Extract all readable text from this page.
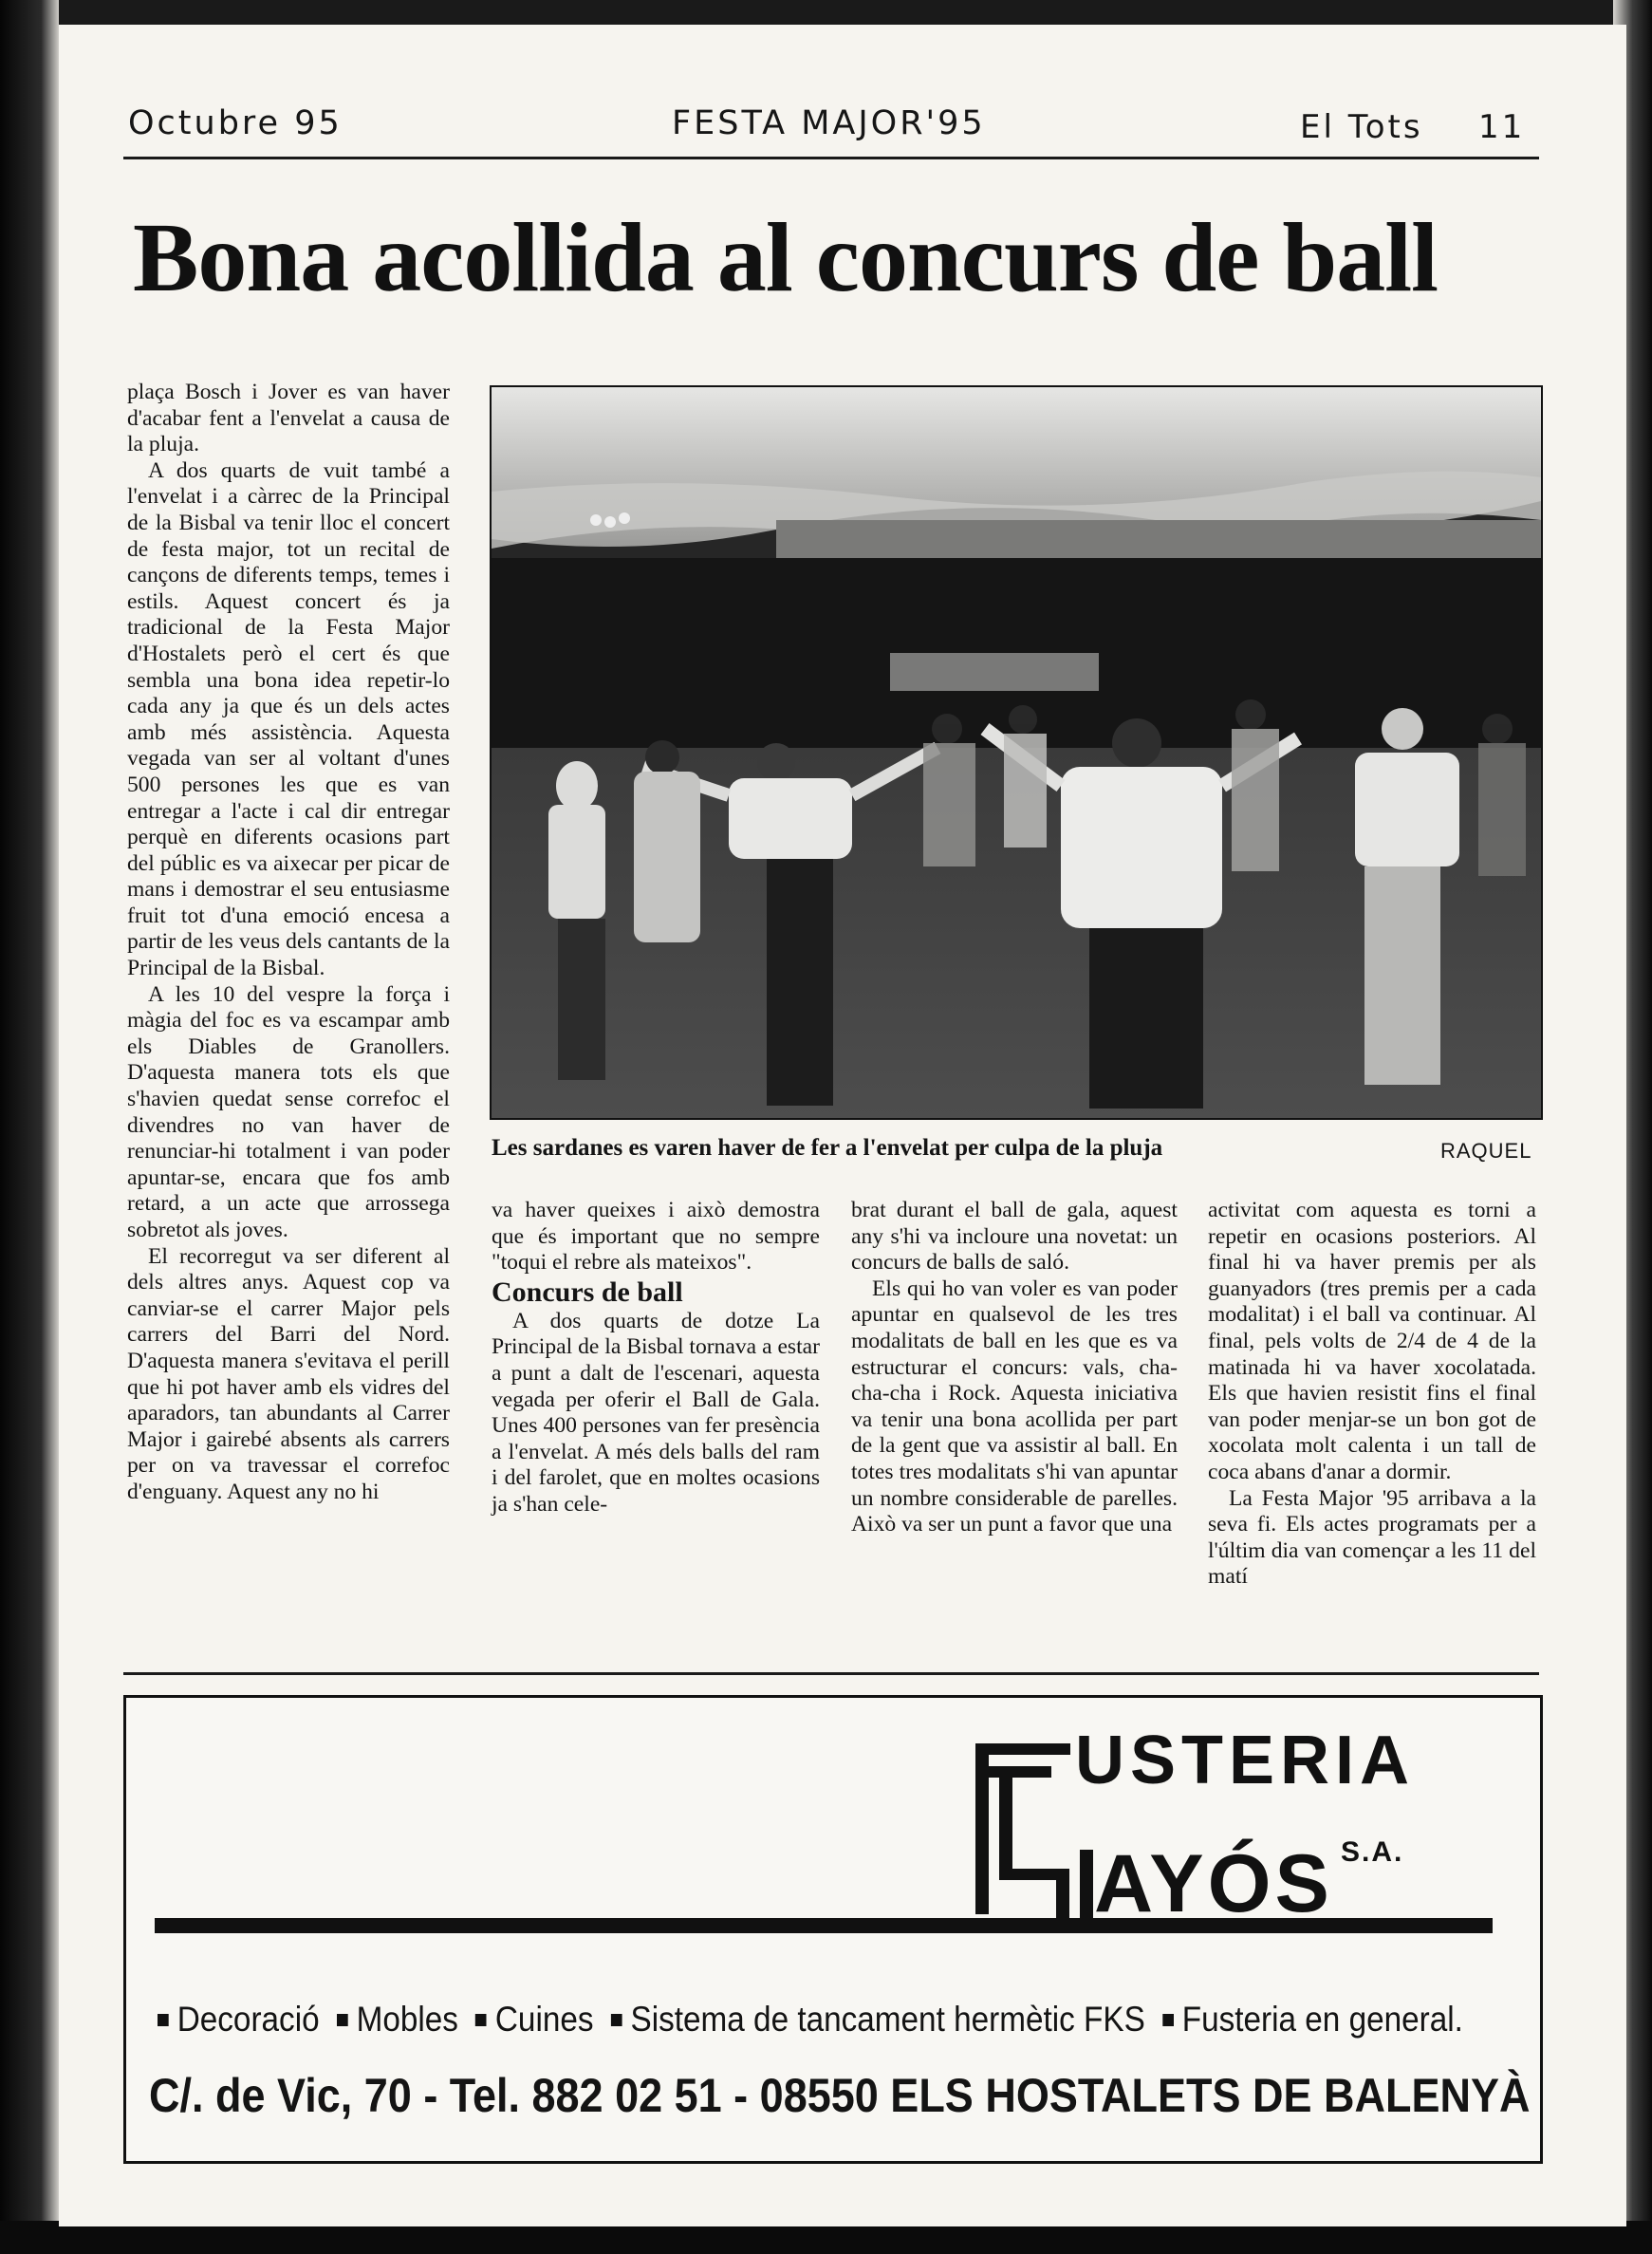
Octubre 95	FESTA MAJOR'95	El Tots 11
Bona acollida al concurs de ball

plaça Bosch i Jover es van haver d'acabar fent a l'envelat a causa de la pluja.

A dos quarts de vuit també a l'envelat i a càrrec de la Principal de la Bisbal va tenir lloc el concert de festa major, tot un recital de cançons de diferents temps, temes i estils. Aquest concert és ja tradicional de la Festa Major d'Hostalets però el cert és que sembla una bona idea repetir-lo cada any ja que és un dels actes amb més assistència. Aquesta vegada van ser al voltant d'unes 500 persones les que es van entregar a l'acte i cal dir entregar perquè en diferents ocasions part del públic es va aixecar per picar de mans i demostrar el seu entusiasme fruit tot d'una emoció encesa a partir de les veus dels cantants de la Principal de la Bisbal.

A les 10 del vespre la força i màgia del foc es va escampar amb els Diables de Granollers. D'aquesta manera tots els que s'havien quedat sense correfoc el divendres no van haver de renunciar-hi totalment i van poder apuntar-se, encara que fos amb retard, a un acte que arrossega sobretot als joves.

El recorregut va ser diferent al dels altres anys. Aquest cop va canviar-se el carrer Major pels carrers del Barri del Nord. D'aquesta manera s'evitava el perill que hi pot haver amb els vidres del aparadors, tan abundants al Carrer Major i gairebé absents als carrers per on va travessar el correfoc d'enguany. Aquest any no hi

Les sardanes es varen haver de fer a l'envelat per culpa de la pluja	RAQUEL

va haver queixes i això demostra que és important que no sempre "toqui el rebre als mateixos".

Concurs de ball

A dos quarts de dotze La Principal de la Bisbal tornava a estar a punt a dalt de l'escenari, aquesta vegada per oferir el Ball de Gala. Unes 400 persones van fer presència a l'envelat. A més dels balls del ram i del farolet, que en moltes ocasions ja s'han cele-

brat durant el ball de gala, aquest any s'hi va incloure una novetat: un concurs de balls de saló.

Els qui ho van voler es van poder apuntar en qualsevol de les tres modalitats de ball en les que es va estructurar el concurs: vals, cha-cha-cha i Rock. Aquesta iniciativa va tenir una bona acollida per part de la gent que va assistir al ball. En totes tres modalitats s'hi van apuntar un nombre considerable de parelles. Això va ser un punt a favor que una

activitat com aquesta es torni a repetir en ocasions posteriors. Al final hi va haver premis per als guanyadors (tres premis per a cada modalitat) i el ball va continuar. Al final, pels volts de 2/4 de 4 de la matinada hi va haver xocolatada. Els que havien resistit fins el final van poder menjar-se un bon got de xocolata molt calenta i un tall de coca abans d'anar a dormir.

La Festa Major '95 arribava a la seva fi. Els actes programats per a l'últim dia van començar a les 11 del matí

USTERIA
AYÓS S.A.
Decoració Mobles Cuines Sistema de tancament hermètic FKS Fusteria en general.
C/. de Vic, 70 - Tel. 882 02 51 - 08550 ELS HOSTALETS DE BALENYÀ
